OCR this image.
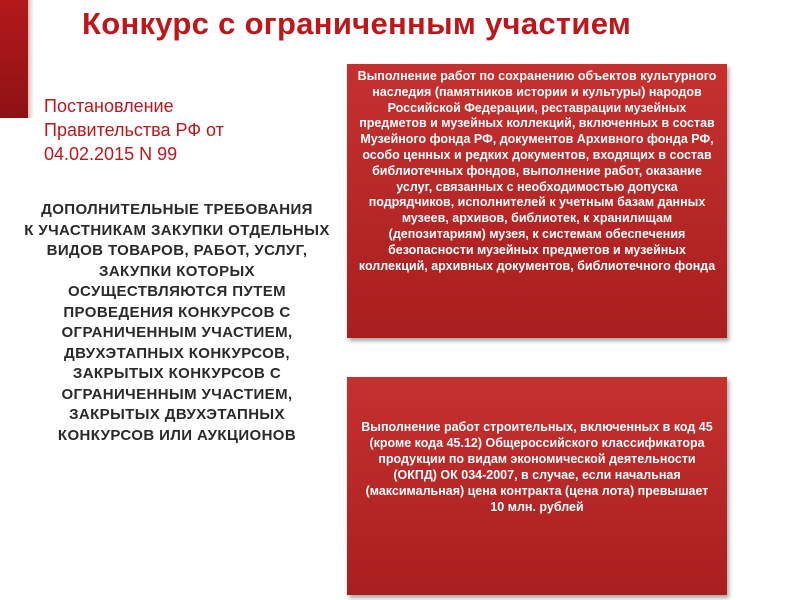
Конкурс с ограниченным участием
Постановление Правительства РФ от 04.02.2015 N 99
ДОПОЛНИТЕЛЬНЫЕ ТРЕБОВАНИЯ
К УЧАСТНИКАМ ЗАКУПКИ ОТДЕЛЬНЫХ ВИДОВ ТОВАРОВ, РАБОТ, УСЛУГ, ЗАКУПКИ КОТОРЫХ ОСУЩЕСТВЛЯЮТСЯ ПУТЕМ ПРОВЕДЕНИЯ КОНКУРСОВ С ОГРАНИЧЕННЫМ УЧАСТИЕМ, ДВУХЭТАПНЫХ КОНКУРСОВ, ЗАКРЫТЫХ КОНКУРСОВ С ОГРАНИЧЕННЫМ УЧАСТИЕМ, ЗАКРЫТЫХ ДВУХЭТАПНЫХ КОНКУРСОВ ИЛИ АУКЦИОНОВ
Выполнение работ по сохранению объектов культурного наследия (памятников истории и культуры) народов Российской Федерации, реставрации музейных предметов и музейных коллекций, включенных в состав Музейного фонда РФ, документов Архивного фонда РФ, особо ценных и редких документов, входящих в состав библиотечных фондов, выполнение работ, оказание услуг, связанных с необходимостью допуска подрядчиков, исполнителей к учетным базам данных музеев, архивов, библиотек, к хранилищам (депозитариям) музея, к системам обеспечения безопасности музейных предметов и музейных коллекций, архивных документов, библиотечного фонда
Выполнение работ строительных, включенных в код 45 (кроме кода 45.12) Общероссийского классификатора продукции по видам экономической деятельности (ОКПД) ОК 034-2007, в случае, если начальная (максимальная) цена контракта (цена лота) превышает 10 млн. рублей
